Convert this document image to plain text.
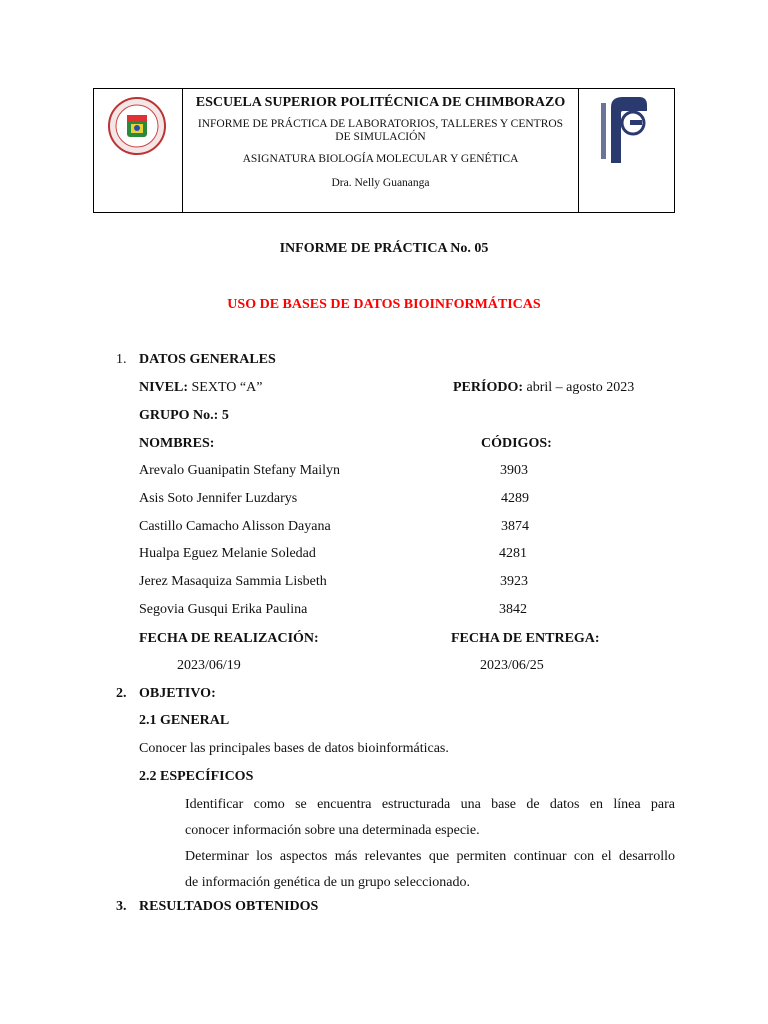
ESCUELA SUPERIOR POLITÉCNICA DE CHIMBORAZO
INFORME DE PRÁCTICA DE LABORATORIOS, TALLERES Y CENTROS
DE SIMULACIÓN
ASIGNATURA BIOLOGÍA MOLECULAR Y GENÉTICA
Dra. Nelly Guananga
INFORME DE PRÁCTICA No. 05
USO DE BASES DE DATOS BIOINFORMÁTICAS
1. DATOS GENERALES
NIVEL: SEXTO “A”	PERÍODO: abril – agosto 2023
GRUPO No.: 5
NOMBRES:	CÓDIGOS:
Arevalo Guanipatin Stefany Mailyn	3903
Asis Soto Jennifer Luzdarys	4289
Castillo Camacho Alisson Dayana	3874
Hualpa Eguez Melanie Soledad	4281
Jerez Masaquiza Sammia Lisbeth	3923
Segovia Gusqui Erika Paulina	3842
FECHA DE REALIZACIÓN:	FECHA DE ENTREGA:
2023/06/19	2023/06/25
2. OBJETIVO:
2.1 GENERAL
Conocer las principales bases de datos bioinformáticas.
2.2 ESPECÍFICOS
Identificar como se encuentra estructurada una base de datos en línea para
conocer información sobre una determinada especie.
Determinar los aspectos más relevantes que permiten continuar con el desarrollo
de información genética de un grupo seleccionado.
3. RESULTADOS OBTENIDOS
